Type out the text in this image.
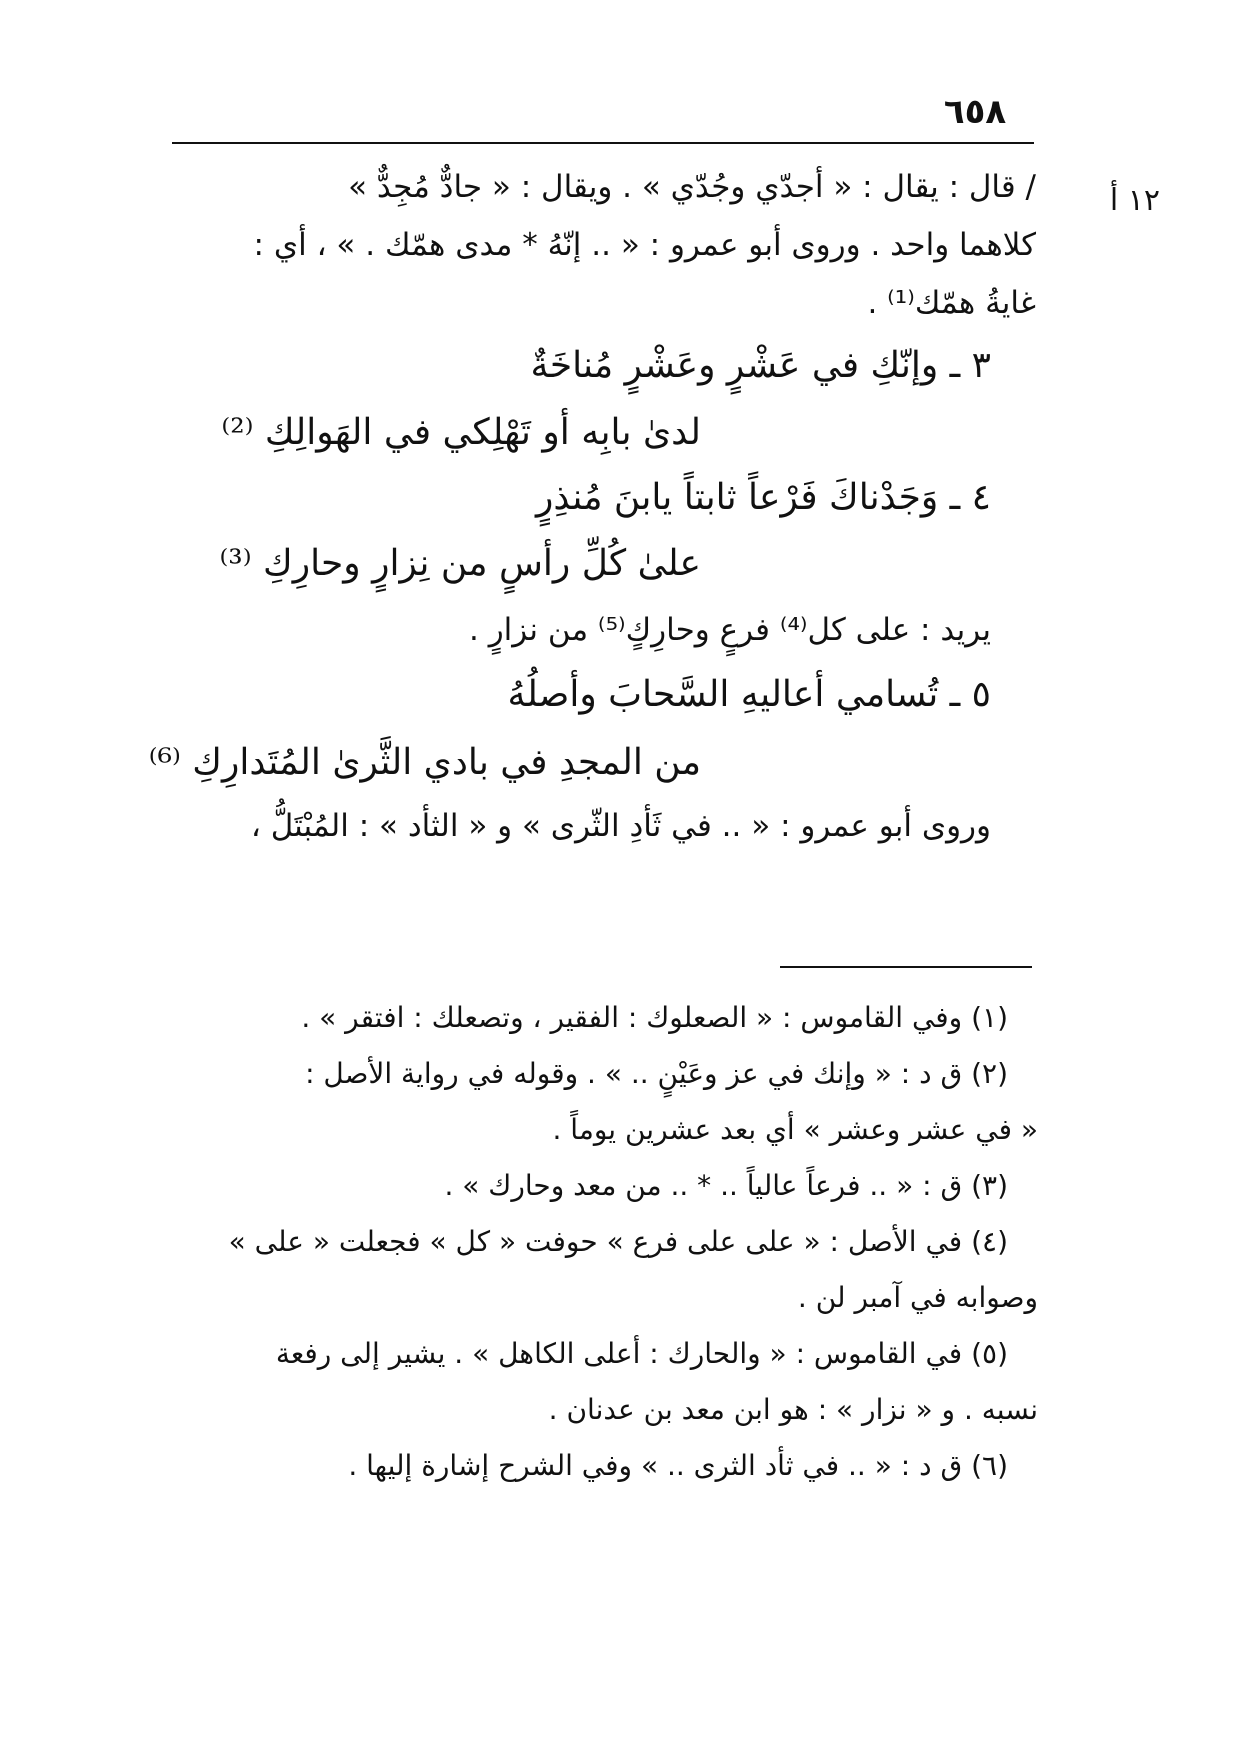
٦٥٨
١٢ أ

/ قال : يقال : « أجدّي وجُدّي » . ويقال : « جادٌّ مُجِدٌّ »

كلاهما واحد . وروى أبو عمرو : « .. إنّهُ * مدى همّك . » ، أي :

غايةُ همّك⁽¹⁾ .

٣ ـ وإنّكِ في عَشْرٍ وعَشْرٍ مُناخَةٌ
لدىٰ بابِه أو تَهْلِكي في الهَوالِكِ ⁽²⁾
٤ ـ وَجَدْناكَ فَرْعاً ثابتاً يابنَ مُنذِرٍ
علىٰ كُلِّ رأسٍ من نِزارٍ وحارِكِ ⁽³⁾
يريد : على كل⁽⁴⁾ فرعٍ وحارِكٍ⁽⁵⁾ من نزارٍ .
٥ ـ تُسامي أعاليهِ السَّحابَ وأصلُهُ
من المجدِ في بادي الثَّرىٰ المُتَدارِكِ ⁽⁶⁾
وروى أبو عمرو : « .. في ثَأدِ الثّرى » و « الثأد » : المُبْتَلُّ ،

(١) وفي القاموس : « الصعلوك : الفقير ، وتصعلك : افتقر » .

(٢) ق د : « وإنك في عز وعَيْنٍ .. » . وقوله في رواية الأصل :

« في عشر وعشر » أي بعد عشرين يوماً .

(٣) ق : « .. فرعاً عالياً .. * .. من معد وحارك » .

(٤) في الأصل : « على على فرع » حوفت « كل » فجعلت « على »

وصوابه في آمبر لن .

(٥) في القاموس : « والحارك : أعلى الكاهل » . يشير إلى رفعة

نسبه . و « نزار » : هو ابن معد بن عدنان .

(٦) ق د : « .. في ثأد الثرى .. » وفي الشرح إشارة إليها .
